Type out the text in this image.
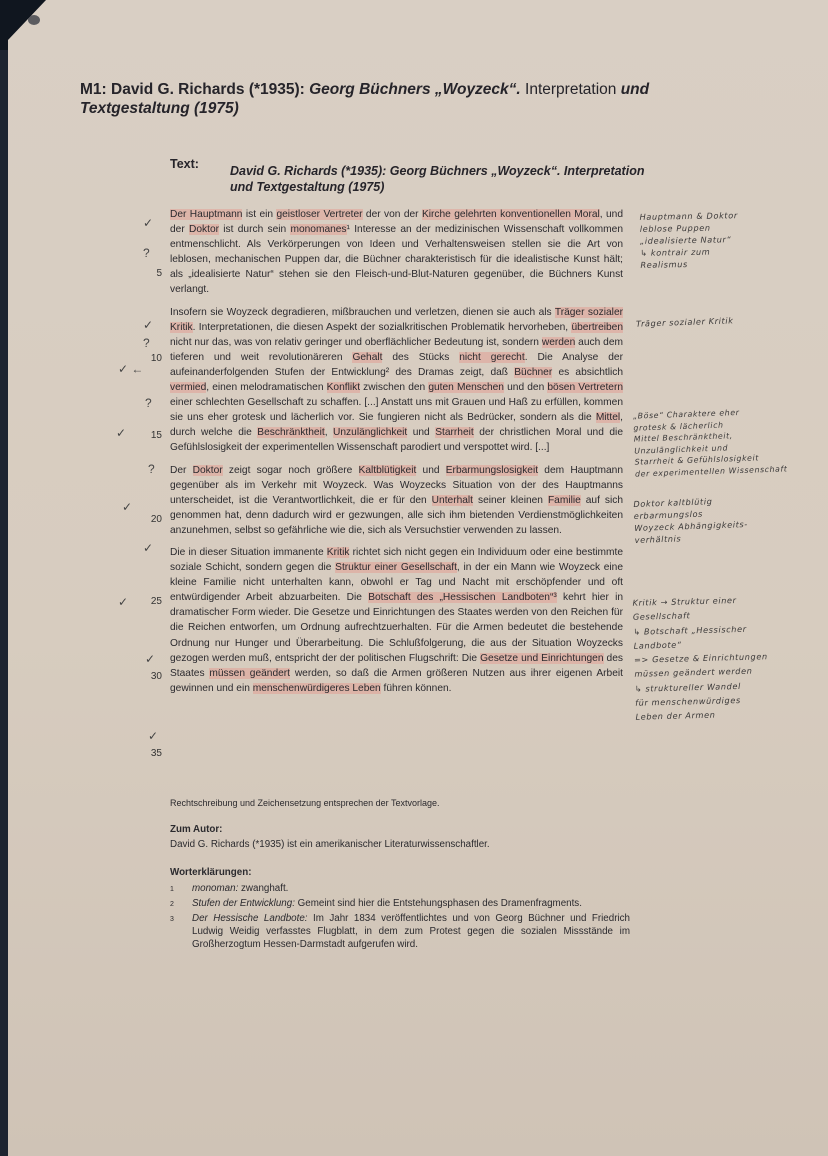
M1: David G. Richards (*1935): Georg Büchners „Woyzeck“. Interpretation und
Textgestaltung (1975)
Text: David G. Richards (*1935): Georg Büchners „Woyzeck“. Interpretation und Textgestaltung (1975)

Der Hauptmann ist ein geistloser Vertreter der von der Kirche gelehrten konventionellen Moral, und der Doktor ist durch sein monomanes¹ Interesse an der medizinischen Wissenschaft vollkommen entmenschlicht. Als Verkörperungen von Ideen und Verhaltensweisen stellen sie die Art von leblosen, mechanischen Puppen dar, die Büchner charakteristisch für die idealistische Kunst hält; als „idealisierte Natur“ stehen sie den Fleisch-und-Blut-Naturen gegenüber, die Büchners Kunst verlangt.

Insofern sie Woyzeck degradieren, mißbrauchen und verletzen, dienen sie auch als Träger sozialer Kritik. Interpretationen, die diesen Aspekt der sozialkritischen Problematik hervorheben, übertreiben nicht nur das, was von relativ geringer und oberflächlicher Bedeutung ist, sondern werden auch dem tieferen und weit revolutionäreren Gehalt des Stücks nicht gerecht. Die Analyse der aufeinanderfolgenden Stufen der Entwicklung² des Dramas zeigt, daß Büchner es absichtlich vermied, einen melodramatischen Konflikt zwischen den guten Menschen und den bösen Vertretern einer schlechten Gesellschaft zu schaffen. [...] Anstatt uns mit Grauen und Haß zu erfüllen, kommen sie uns eher grotesk und lächerlich vor. Sie fungieren nicht als Bedrücker, sondern als die Mittel, durch welche die Beschränktheit, Unzulänglichkeit und Starrheit der christlichen Moral und die Gefühlslosigkeit der experimentellen Wissenschaft parodiert und verspottet wird. [...]

Der Doktor zeigt sogar noch größere Kaltblütigkeit und Erbarmungslosigkeit dem Hauptmann gegenüber als im Verkehr mit Woyzeck. Was Woyzecks Situation von der des Hauptmanns unterscheidet, ist die Verantwortlichkeit, die er für den Unterhalt seiner kleinen Familie auf sich genommen hat, denn dadurch wird er gezwungen, alle sich ihm bietenden Verdienstmöglichkeiten anzunehmen, selbst so gefährliche wie die, sich als Versuchstier verwenden zu lassen.

Die in dieser Situation immanente Kritik richtet sich nicht gegen ein Individuum oder eine bestimmte soziale Schicht, sondern gegen die Struktur einer Gesellschaft, in der ein Mann wie Woyzeck eine kleine Familie nicht unterhalten kann, obwohl er Tag und Nacht mit erschöpfender und oft entwürdigender Arbeit abzuarbeiten. Die Botschaft des „Hessischen Landboten“³ kehrt hier in dramatischer Form wieder. Die Gesetze und Einrichtungen des Staates werden von den Reichen für die Reichen entworfen, um Ordnung aufrechtzuerhalten. Für die Armen bedeutet die bestehende Ordnung nur Hunger und Überarbeitung. Die Schlußfolgerung, die aus der Situation Woyzecks gezogen werden muß, entspricht der der politischen Flugschrift: Die Gesetze und Einrichtungen des Staates müssen geändert werden, so daß die Armen größeren Nutzen aus ihrer eigenen Arbeit gewinnen und ein menschenwürdigeres Leben führen können.

5
10
15
20
25
30
35
✓
?
✓
?
✓ ←
?
✓
?
✓
✓
✓
✓
✓
Hauptmann & Doktor
leblose Puppen
„idealisierte Natur“
↳ kontrair zum
Realismus
Träger sozialer Kritik
„Böse“ Charaktere eher
grotesk & lächerlich
Mittel Beschränktheit,
Unzulänglichkeit und
Starrheit & Gefühlslosigkeit
der experimentellen Wissenschaft
Doktor kaltblütig
erbarmungslos
Woyzeck Abhängigkeits-
verhältnis
Kritik → Struktur einer
Gesellschaft
↳ Botschaft „Hessischer
Landbote“
=> Gesetze & Einrichtungen
müssen geändert werden
↳ struktureller Wandel
für menschenwürdiges
Leben der Armen
Rechtschreibung und Zeichensetzung entsprechen der Textvorlage.
Zum Autor:
David G. Richards (*1935) ist ein amerikanischer Literaturwissenschaftler.
Worterklärungen:
1	monoman: zwanghaft.
2	Stufen der Entwicklung: Gemeint sind hier die Entstehungsphasen des Dramenfragments.
3	Der Hessische Landbote: Im Jahr 1834 veröffentlichtes und von Georg Büchner und Friedrich Ludwig Weidig verfasstes Flugblatt, in dem zum Protest gegen die sozialen Missstände im Großherzogtum Hessen-Darmstadt aufgerufen wird.
